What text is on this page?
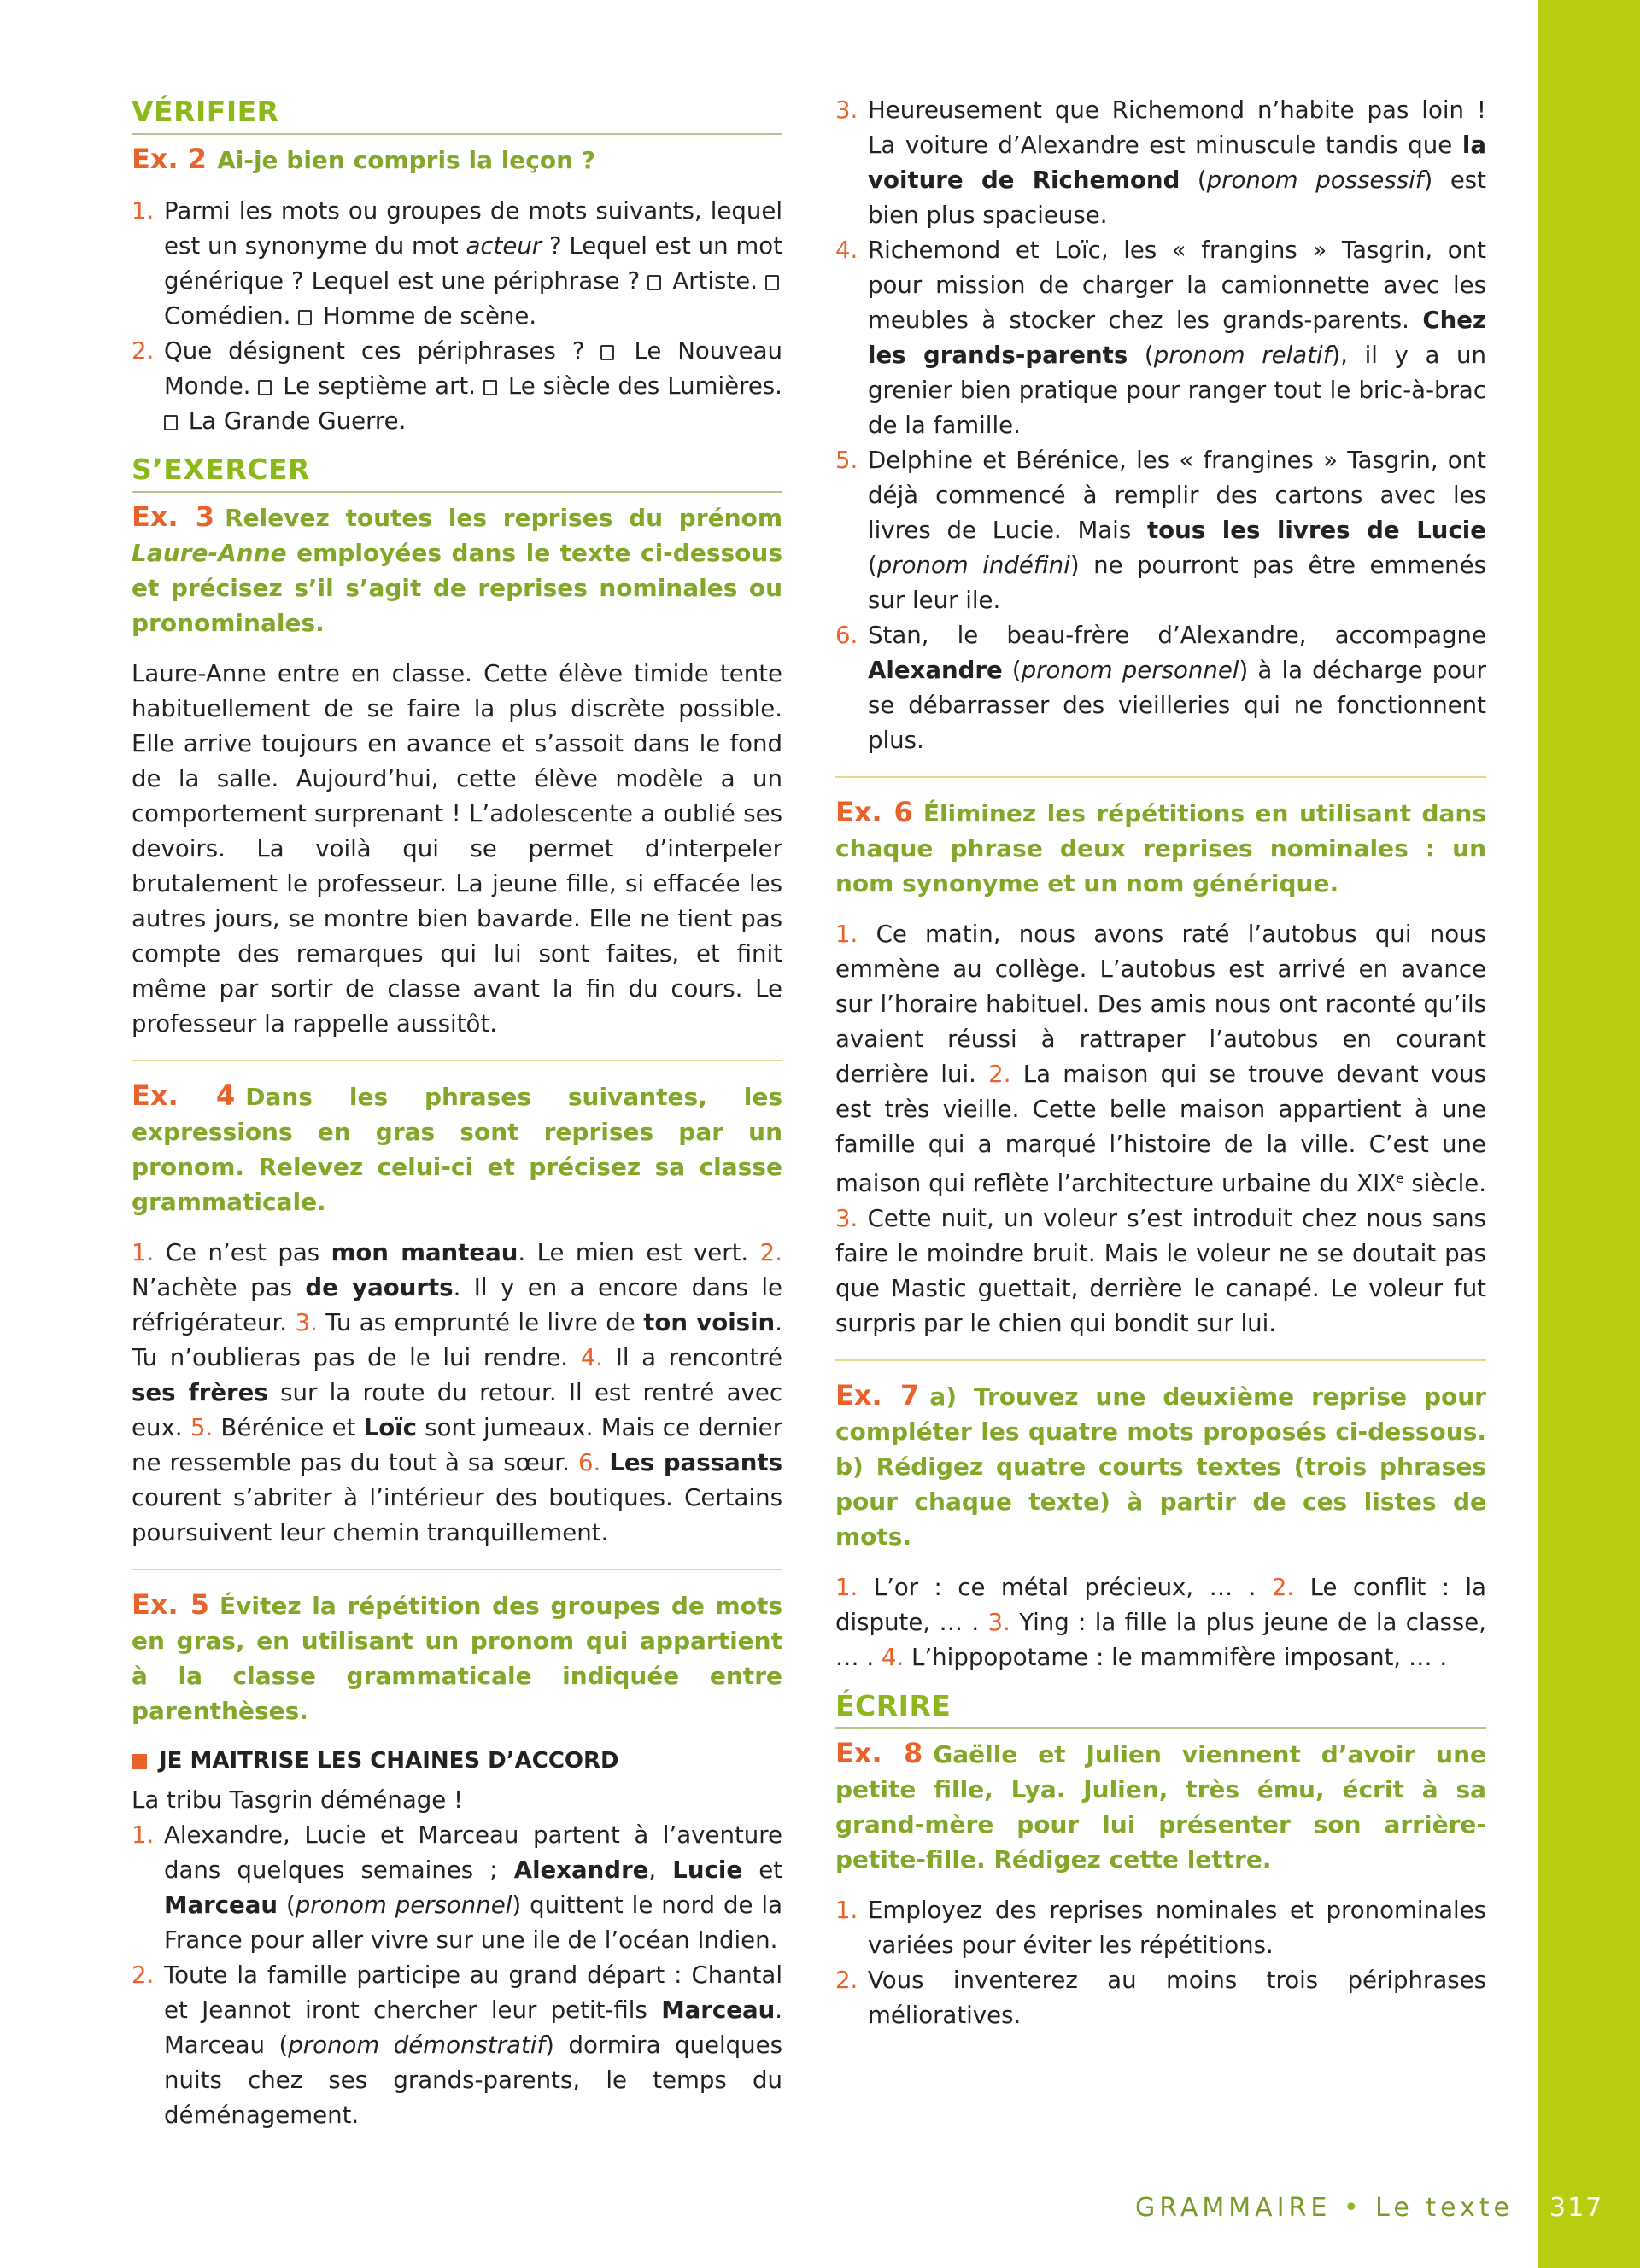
VÉRIFIER
Ex. 2 Ai-je bien compris la leçon ?
1. Parmi les mots ou groupes de mots suivants, lequel est un synonyme du mot acteur ? Lequel est un mot générique ? Lequel est une périphrase ? Artiste.  Comédien. Homme de scène.
2. Que désignent ces périphrases ? Le Nouveau Monde. Le septième art. Le siècle des Lumières.  La Grande Guerre.
S’EXERCER
Ex. 3 Relevez toutes les reprises du prénom Laure-Anne employées dans le texte ci-dessous et précisez s’il s’agit de reprises nominales ou pronominales.

Laure-Anne entre en classe. Cette élève timide tente habituellement de se faire la plus discrète possible. Elle arrive toujours en avance et s’assoit dans le fond de la salle. Aujourd’hui, cette élève modèle a un comportement surprenant ! L’adolescente a oublié ses devoirs. La voilà qui se permet d’interpeler brutalement le professeur. La jeune fille, si effacée les autres jours, se montre bien bavarde. Elle ne tient pas compte des remarques qui lui sont faites, et finit même par sortir de classe avant la fin du cours. Le professeur la rappelle aussitôt.

Ex. 4 Dans les phrases suivantes, les expressions en gras sont reprises par un pronom. Relevez celui-ci et précisez sa classe grammaticale.

1. Ce n’est pas mon manteau. Le mien est vert. 2. N’achète pas de yaourts. Il y en a encore dans le réfrigérateur. 3. Tu as emprunté le livre de ton voisin. Tu n’oublieras pas de le lui rendre. 4. Il a rencontré ses frères sur la route du retour. Il est rentré avec eux. 5. Bérénice et Loïc sont jumeaux. Mais ce dernier ne ressemble pas du tout à sa sœur. 6. Les passants courent s’abriter à l’intérieur des boutiques. Certains poursuivent leur chemin tranquillement.

Ex. 5 Évitez la répétition des groupes de mots en gras, en utilisant un pronom qui appartient à la classe grammaticale indiquée entre parenthèses.
JE MAITRISE LES CHAINES D’ACCORD

La tribu Tasgrin déménage !

1. Alexandre, Lucie et Marceau partent à l’aventure dans quelques semaines ; Alexandre, Lucie et Marceau (pronom personnel) quittent le nord de la France pour aller vivre sur une ile de l’océan Indien.
2. Toute la famille participe au grand départ : Chantal et Jeannot iront chercher leur petit-fils Marceau. Marceau (pronom démonstratif) dormira quelques nuits chez ses grands-parents, le temps du déménagement.
3. Heureusement que Richemond n’habite pas loin ! La voiture d’Alexandre est minuscule tandis que la voiture de Richemond (pronom possessif) est bien plus spacieuse.
4. Richemond et Loïc, les « frangins » Tasgrin, ont pour mission de charger la camionnette avec les meubles à stocker chez les grands-parents. Chez les grands-parents (pronom relatif), il y a un grenier bien pratique pour ranger tout le bric-à-brac de la famille.
5. Delphine et Bérénice, les « frangines » Tasgrin, ont déjà commencé à remplir des cartons avec les livres de Lucie. Mais tous les livres de Lucie (pronom indéfini) ne pourront pas être emmenés sur leur ile.
6. Stan, le beau-frère d’Alexandre, accompagne Alexandre (pronom personnel) à la décharge pour se débarrasser des vieilleries qui ne fonctionnent plus.
Ex. 6 Éliminez les répétitions en utilisant dans chaque phrase deux reprises nominales : un nom synonyme et un nom générique.

1. Ce matin, nous avons raté l’autobus qui nous emmène au collège. L’autobus est arrivé en avance sur l’horaire habituel. Des amis nous ont raconté qu’ils avaient réussi à rattraper l’autobus en courant derrière lui. 2. La maison qui se trouve devant vous est très vieille. Cette belle maison appartient à une famille qui a marqué l’histoire de la ville. C’est une maison qui reflète l’architecture urbaine du XIXe siècle. 3. Cette nuit, un voleur s’est introduit chez nous sans faire le moindre bruit. Mais le voleur ne se doutait pas que Mastic guettait, derrière le canapé. Le voleur fut surpris par le chien qui bondit sur lui.

Ex. 7 a) Trouvez une deuxième reprise pour compléter les quatre mots proposés ci-dessous. b) Rédigez quatre courts textes (trois phrases pour chaque texte) à partir de ces listes de mots.

1. L’or : ce métal précieux, … . 2. Le conflit : la dispute, … . 3. Ying : la fille la plus jeune de la classe, … . 4. L’hippopotame : le mammifère imposant, … .

ÉCRIRE
Ex. 8 Gaëlle et Julien viennent d’avoir une petite fille, Lya. Julien, très ému, écrit à sa grand-mère pour lui présenter son arrière-petite-fille. Rédigez cette lettre.
1. Employez des reprises nominales et pronominales variées pour éviter les répétitions.
2. Vous inventerez au moins trois périphrases mélioratives.
GRAMMAIRE • Le texte 317
